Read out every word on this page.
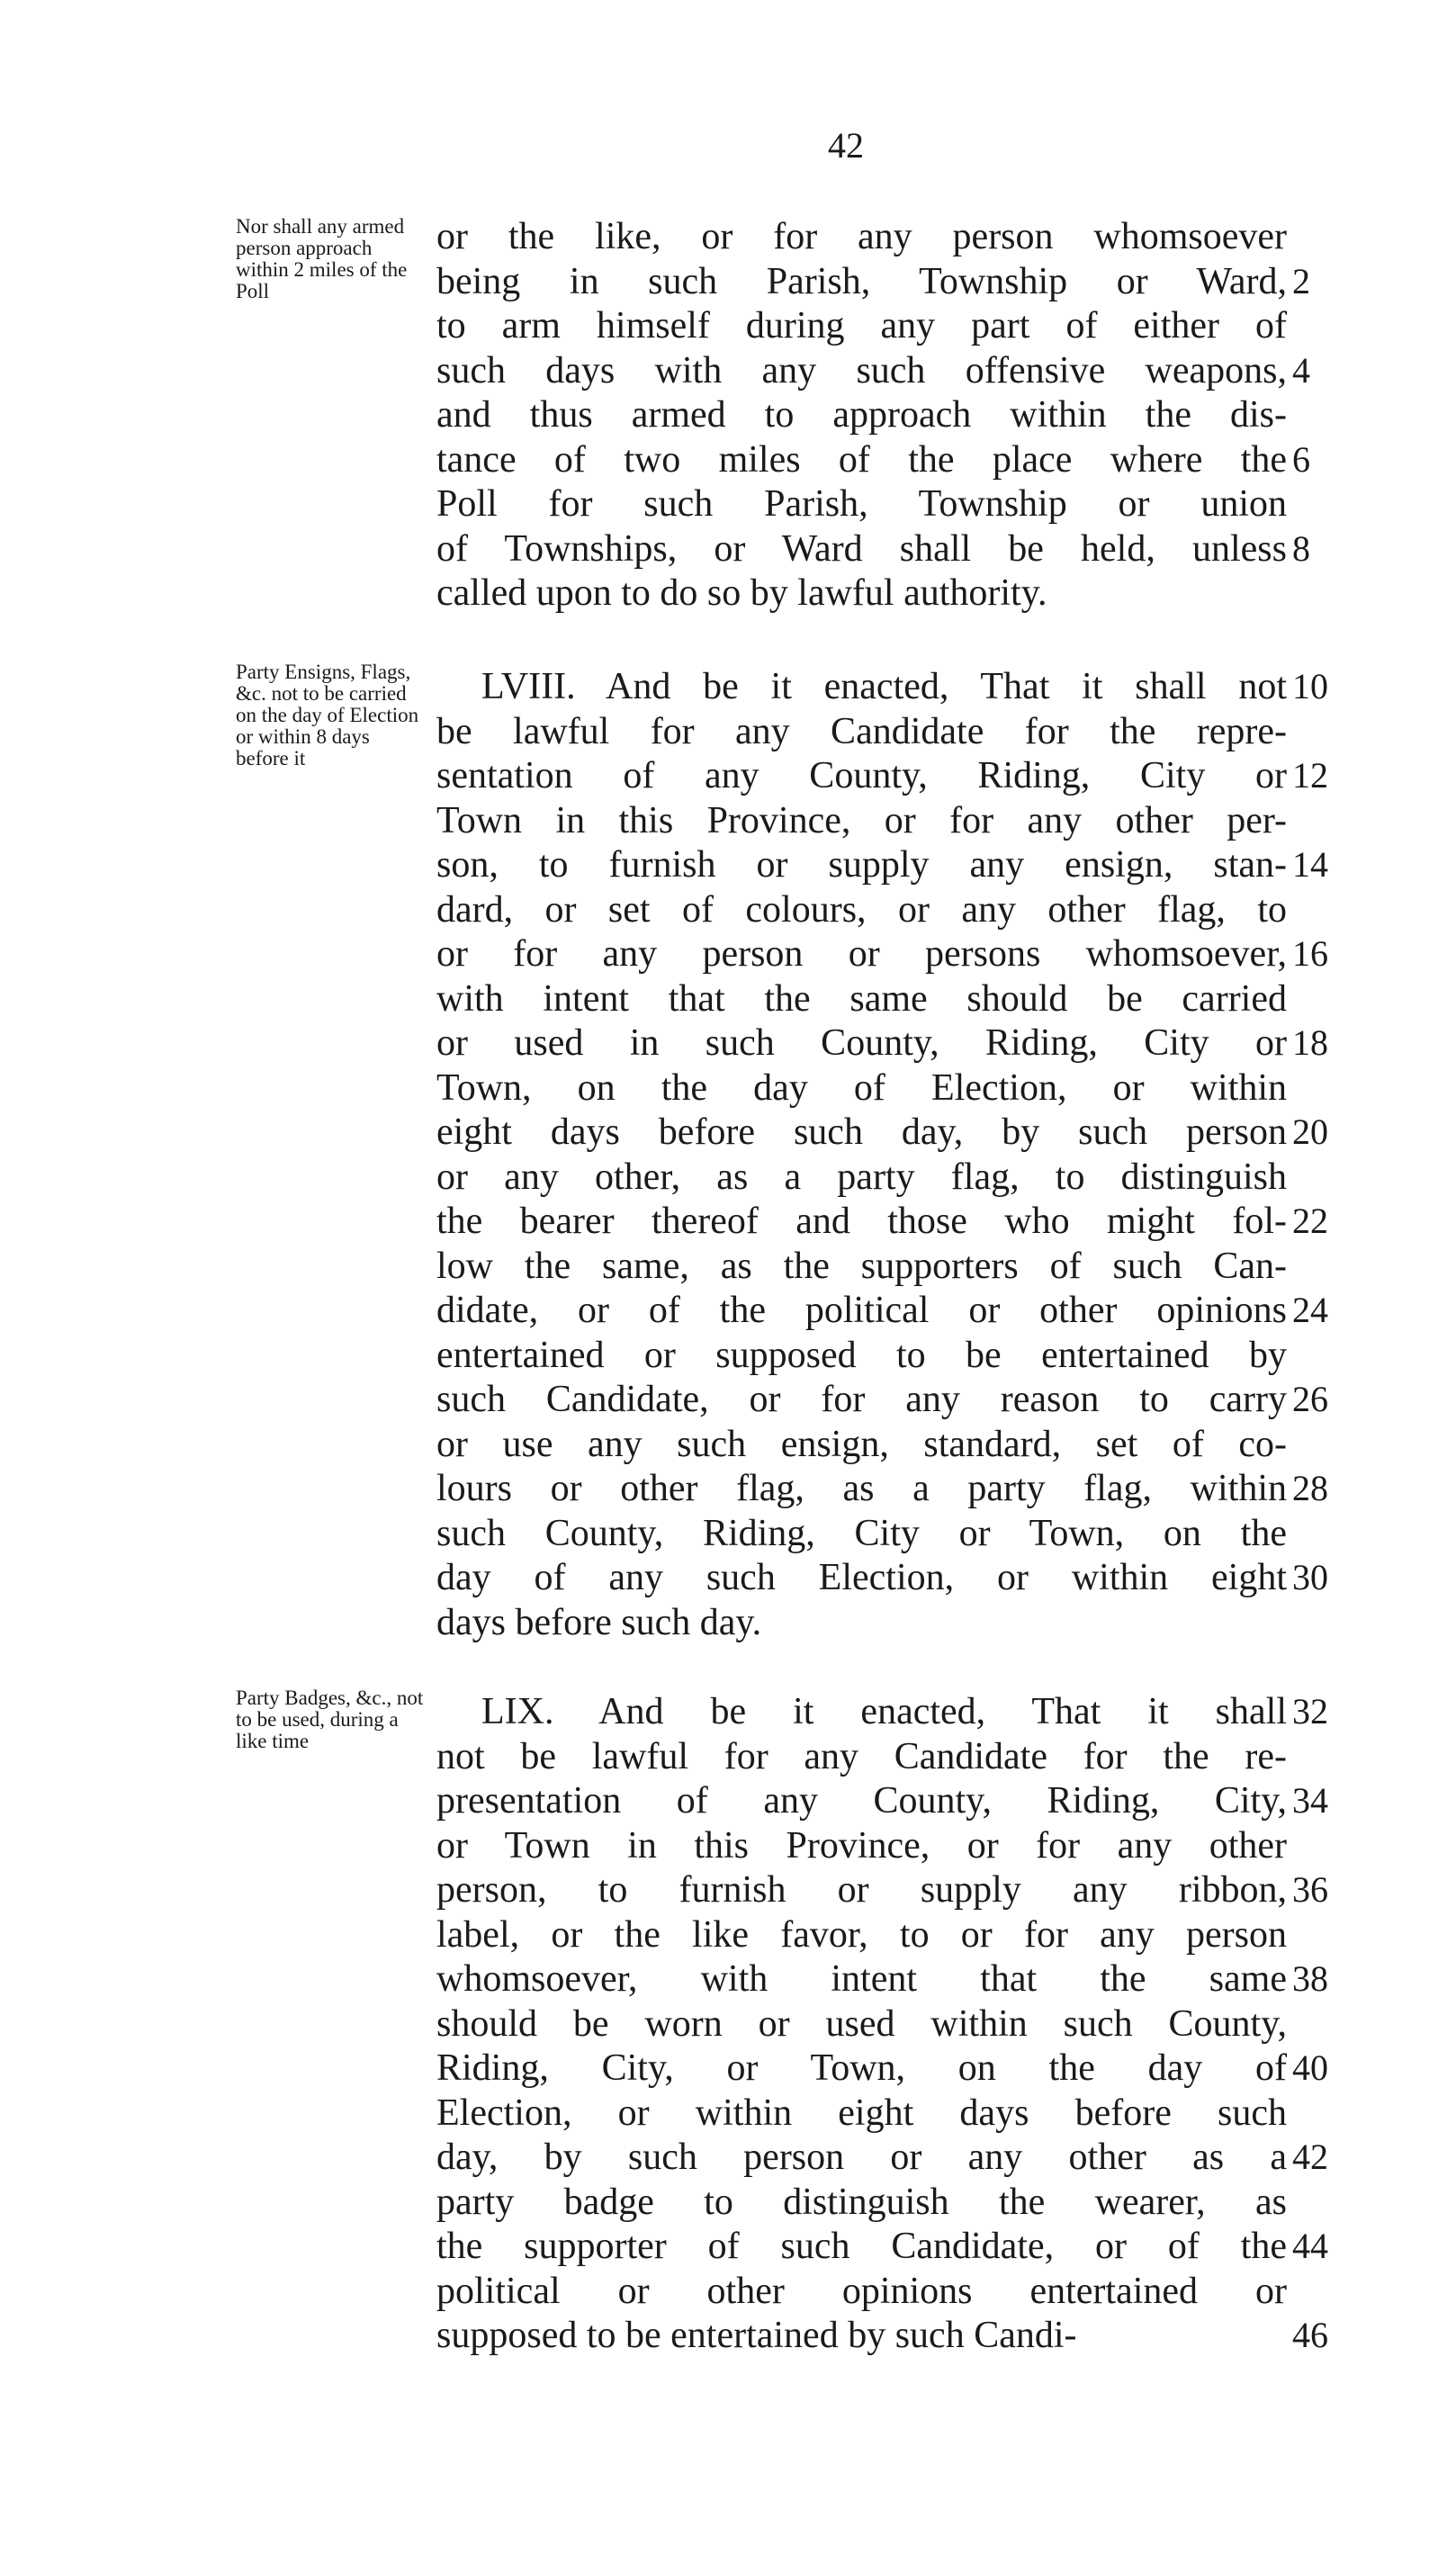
42
Nor shall any armed person approach within 2 miles of the Poll
Party Ensigns, Flags, &c. not to be carried on the day of Election or within 8 days before it
Party Badges, &c., not to be used, during a like time
or the like, or for any person whomsoever
being in such Parish, Township or Ward, 2
to arm himself during any part of either of
such days with any such offensive weapons, 4
and thus armed to approach within the dis-
tance of two miles of the place where the 6
Poll for such Parish, Township or union
of Townships, or Ward shall be held, unless 8
called upon to do so by lawful authority.
LVIII. And be it enacted, That it shall not 10
be lawful for any Candidate for the repre-
sentation of any County, Riding, City or 12
Town in this Province, or for any other per-
son, to furnish or supply any ensign, stan- 14
dard, or set of colours, or any other flag, to
or for any person or persons whomsoever, 16
with intent that the same should be carried
or used in such County, Riding, City or 18
Town, on the day of Election, or within
eight days before such day, by such person 20
or any other, as a party flag, to distinguish
the bearer thereof and those who might fol- 22
low the same, as the supporters of such Can-
didate, or of the political or other opinions 24
entertained or supposed to be entertained by
such Candidate, or for any reason to carry 26
or use any such ensign, standard, set of co-
lours or other flag, as a party flag, within 28
such County, Riding, City or Town, on the
day of any such Election, or within eight 30
days before such day.
LIX. And be it enacted, That it shall 32
not be lawful for any Candidate for the re-
presentation of any County, Riding, City, 34
or Town in this Province, or for any other
person, to furnish or supply any ribbon, 36
label, or the like favor, to or for any person
whomsoever, with intent that the same 38
should be worn or used within such County,
Riding, City, or Town, on the day of 40
Election, or within eight days before such
day, by such person or any other as a 42
party badge to distinguish the wearer, as
the supporter of such Candidate, or of the 44
political or other opinions entertained or
supposed to be entertained by such Candi-	46
